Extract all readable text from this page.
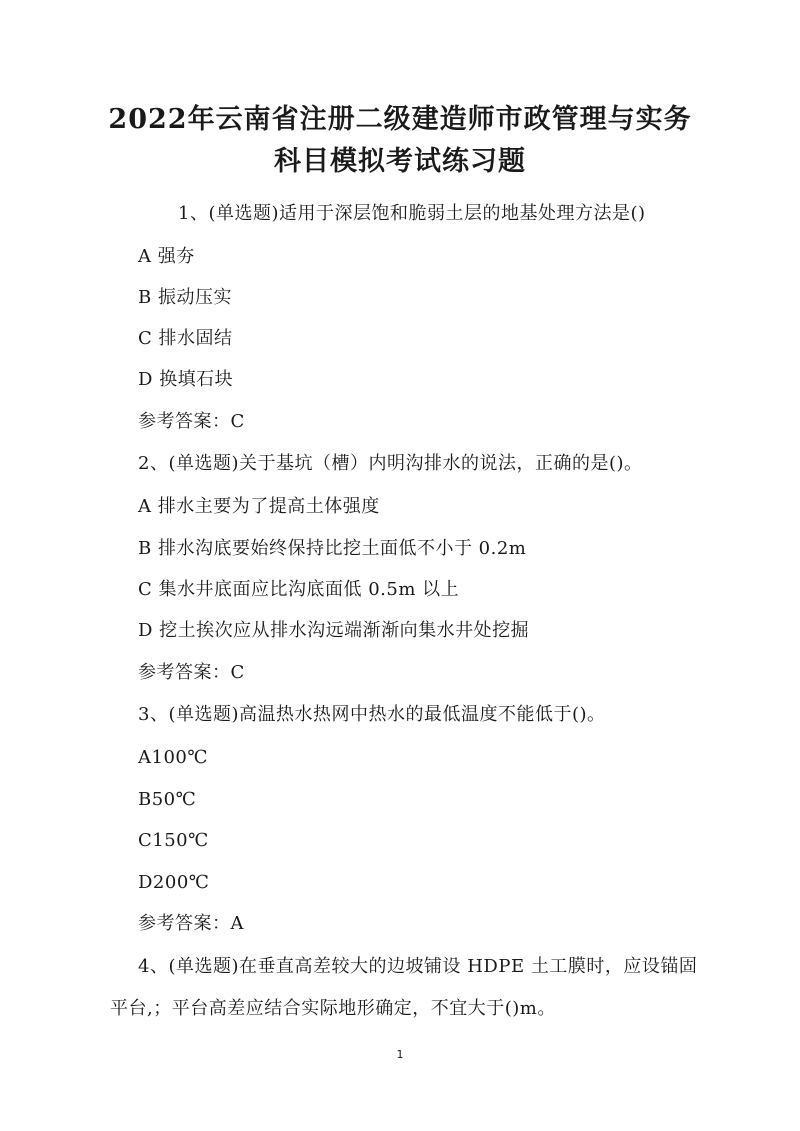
2022年云南省注册二级建造师市政管理与实务
科目模拟考试练习题
1、(单选题)适用于深层饱和脆弱土层的地基处理方法是()
A 强夯
B 振动压实
C 排水固结
D 换填石块
参考答案：C
2、(单选题)关于基坑（槽）内明沟排水的说法，正确的是()。
A 排水主要为了提高土体强度
B 排水沟底要始终保持比挖土面低不小于 0.2m
C 集水井底面应比沟底面低 0.5m 以上
D 挖土挨次应从排水沟远端渐渐向集水井处挖掘
参考答案：C
3、(单选题)高温热水热网中热水的最低温度不能低于()。
A100℃
B50℃
C150℃
D200℃
参考答案：A
4、(单选题)在垂直高差较大的边坡铺设 HDPE 土工膜时，应设锚固
平台,；平台高差应结合实际地形确定，不宜大于()m。
1
